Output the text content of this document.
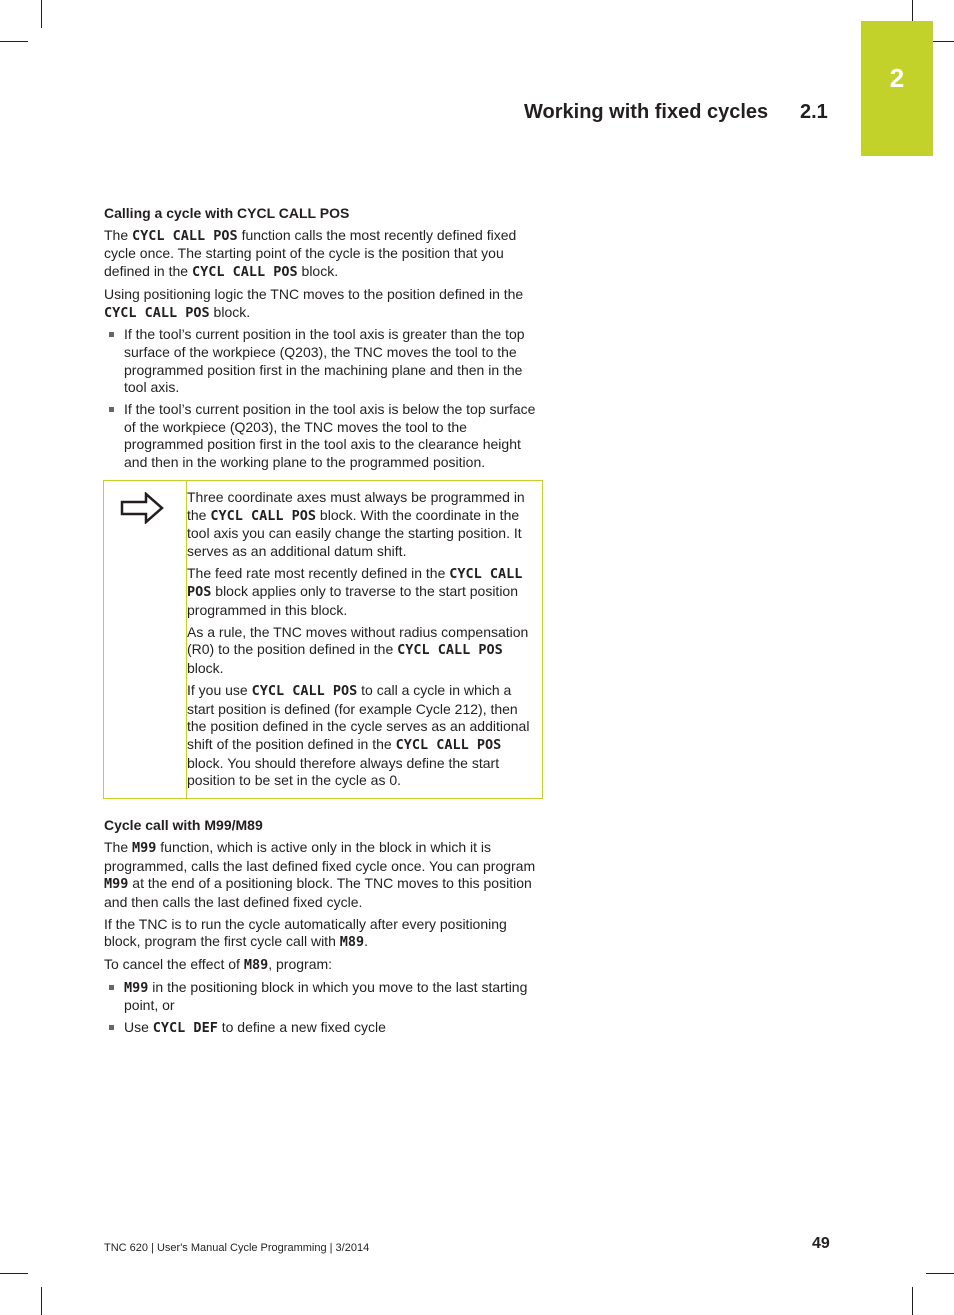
2
Working with fixed cycles 2.1
Calling a cycle with CYCL CALL POS

The CYCL CALL POS function calls the most recently defined fixed cycle once. The starting point of the cycle is the position that you defined in the CYCL CALL POS block.

Using positioning logic the TNC moves to the position defined in the CYCL CALL POS block.

If the tool’s current position in the tool axis is greater than the top surface of the workpiece (Q203), the TNC moves the tool to the programmed position first in the machining plane and then in the tool axis.
If the tool’s current position in the tool axis is below the top surface of the workpiece (Q203), the TNC moves the tool to the programmed position first in the tool axis to the clearance height and then in the working plane to the programmed position.

Three coordinate axes must always be programmed in the CYCL CALL POS block. With the coordinate in the tool axis you can easily change the starting position. It serves as an additional datum shift.

The feed rate most recently defined in the CYCL CALL POS block applies only to traverse to the start position programmed in this block.

As a rule, the TNC moves without radius compensation (R0) to the position defined in the CYCL CALL POS block.

If you use CYCL CALL POS to call a cycle in which a start position is defined (for example Cycle 212), then the position defined in the cycle serves as an additional shift of the position defined in the CYCL CALL POS block. You should therefore always define the start position to be set in the cycle as 0.

Cycle call with M99/M89

The M99 function, which is active only in the block in which it is programmed, calls the last defined fixed cycle once. You can program M99 at the end of a positioning block. The TNC moves to this position and then calls the last defined fixed cycle.

If the TNC is to run the cycle automatically after every positioning block, program the first cycle call with M89.

To cancel the effect of M89, program:

M99 in the positioning block in which you move to the last starting point, or
Use CYCL DEF to define a new fixed cycle
TNC 620 | User's Manual Cycle Programming | 3/2014	49
